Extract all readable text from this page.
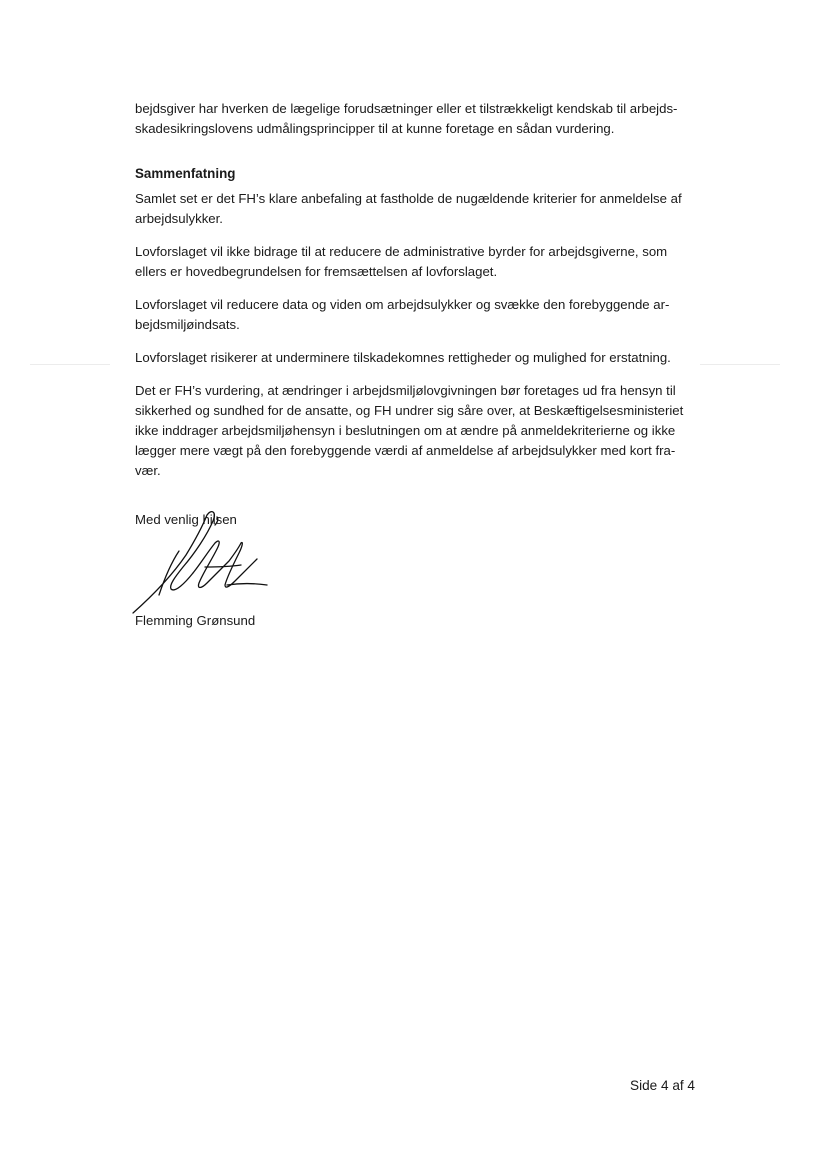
bejdsgiver har hverken de lægelige forudsætninger eller et tilstrækkeligt kendskab til arbejds-skadesikringslovens udmålingsprincipper til at kunne foretage en sådan vurdering.

Sammenfatning

Samlet set er det FH’s klare anbefaling at fastholde de nugældende kriterier for anmeldelse af arbejdsulykker.

Lovforslaget vil ikke bidrage til at reducere de administrative byrder for arbejdsgiverne, som ellers er hovedbegrundelsen for fremsættelsen af lovforslaget.

Lovforslaget vil reducere data og viden om arbejdsulykker og svække den forebyggende ar-bejdsmiljøindsats.

Lovforslaget risikerer at underminere tilskadekomnes rettigheder og mulighed for erstatning.

Det er FH’s vurdering, at ændringer i arbejdsmiljølovgivningen bør foretages ud fra hensyn til sikkerhed og sundhed for de ansatte, og FH undrer sig såre over, at Beskæftigelsesministeriet ikke inddrager arbejdsmiljøhensyn i beslutningen om at ændre på anmeldekriterierne og ikke lægger mere vægt på den forebyggende værdi af anmeldelse af arbejdsulykker med kort fra-vær.

Med venlig hilsen

Flemming Grønsund
Side 4 af 4
